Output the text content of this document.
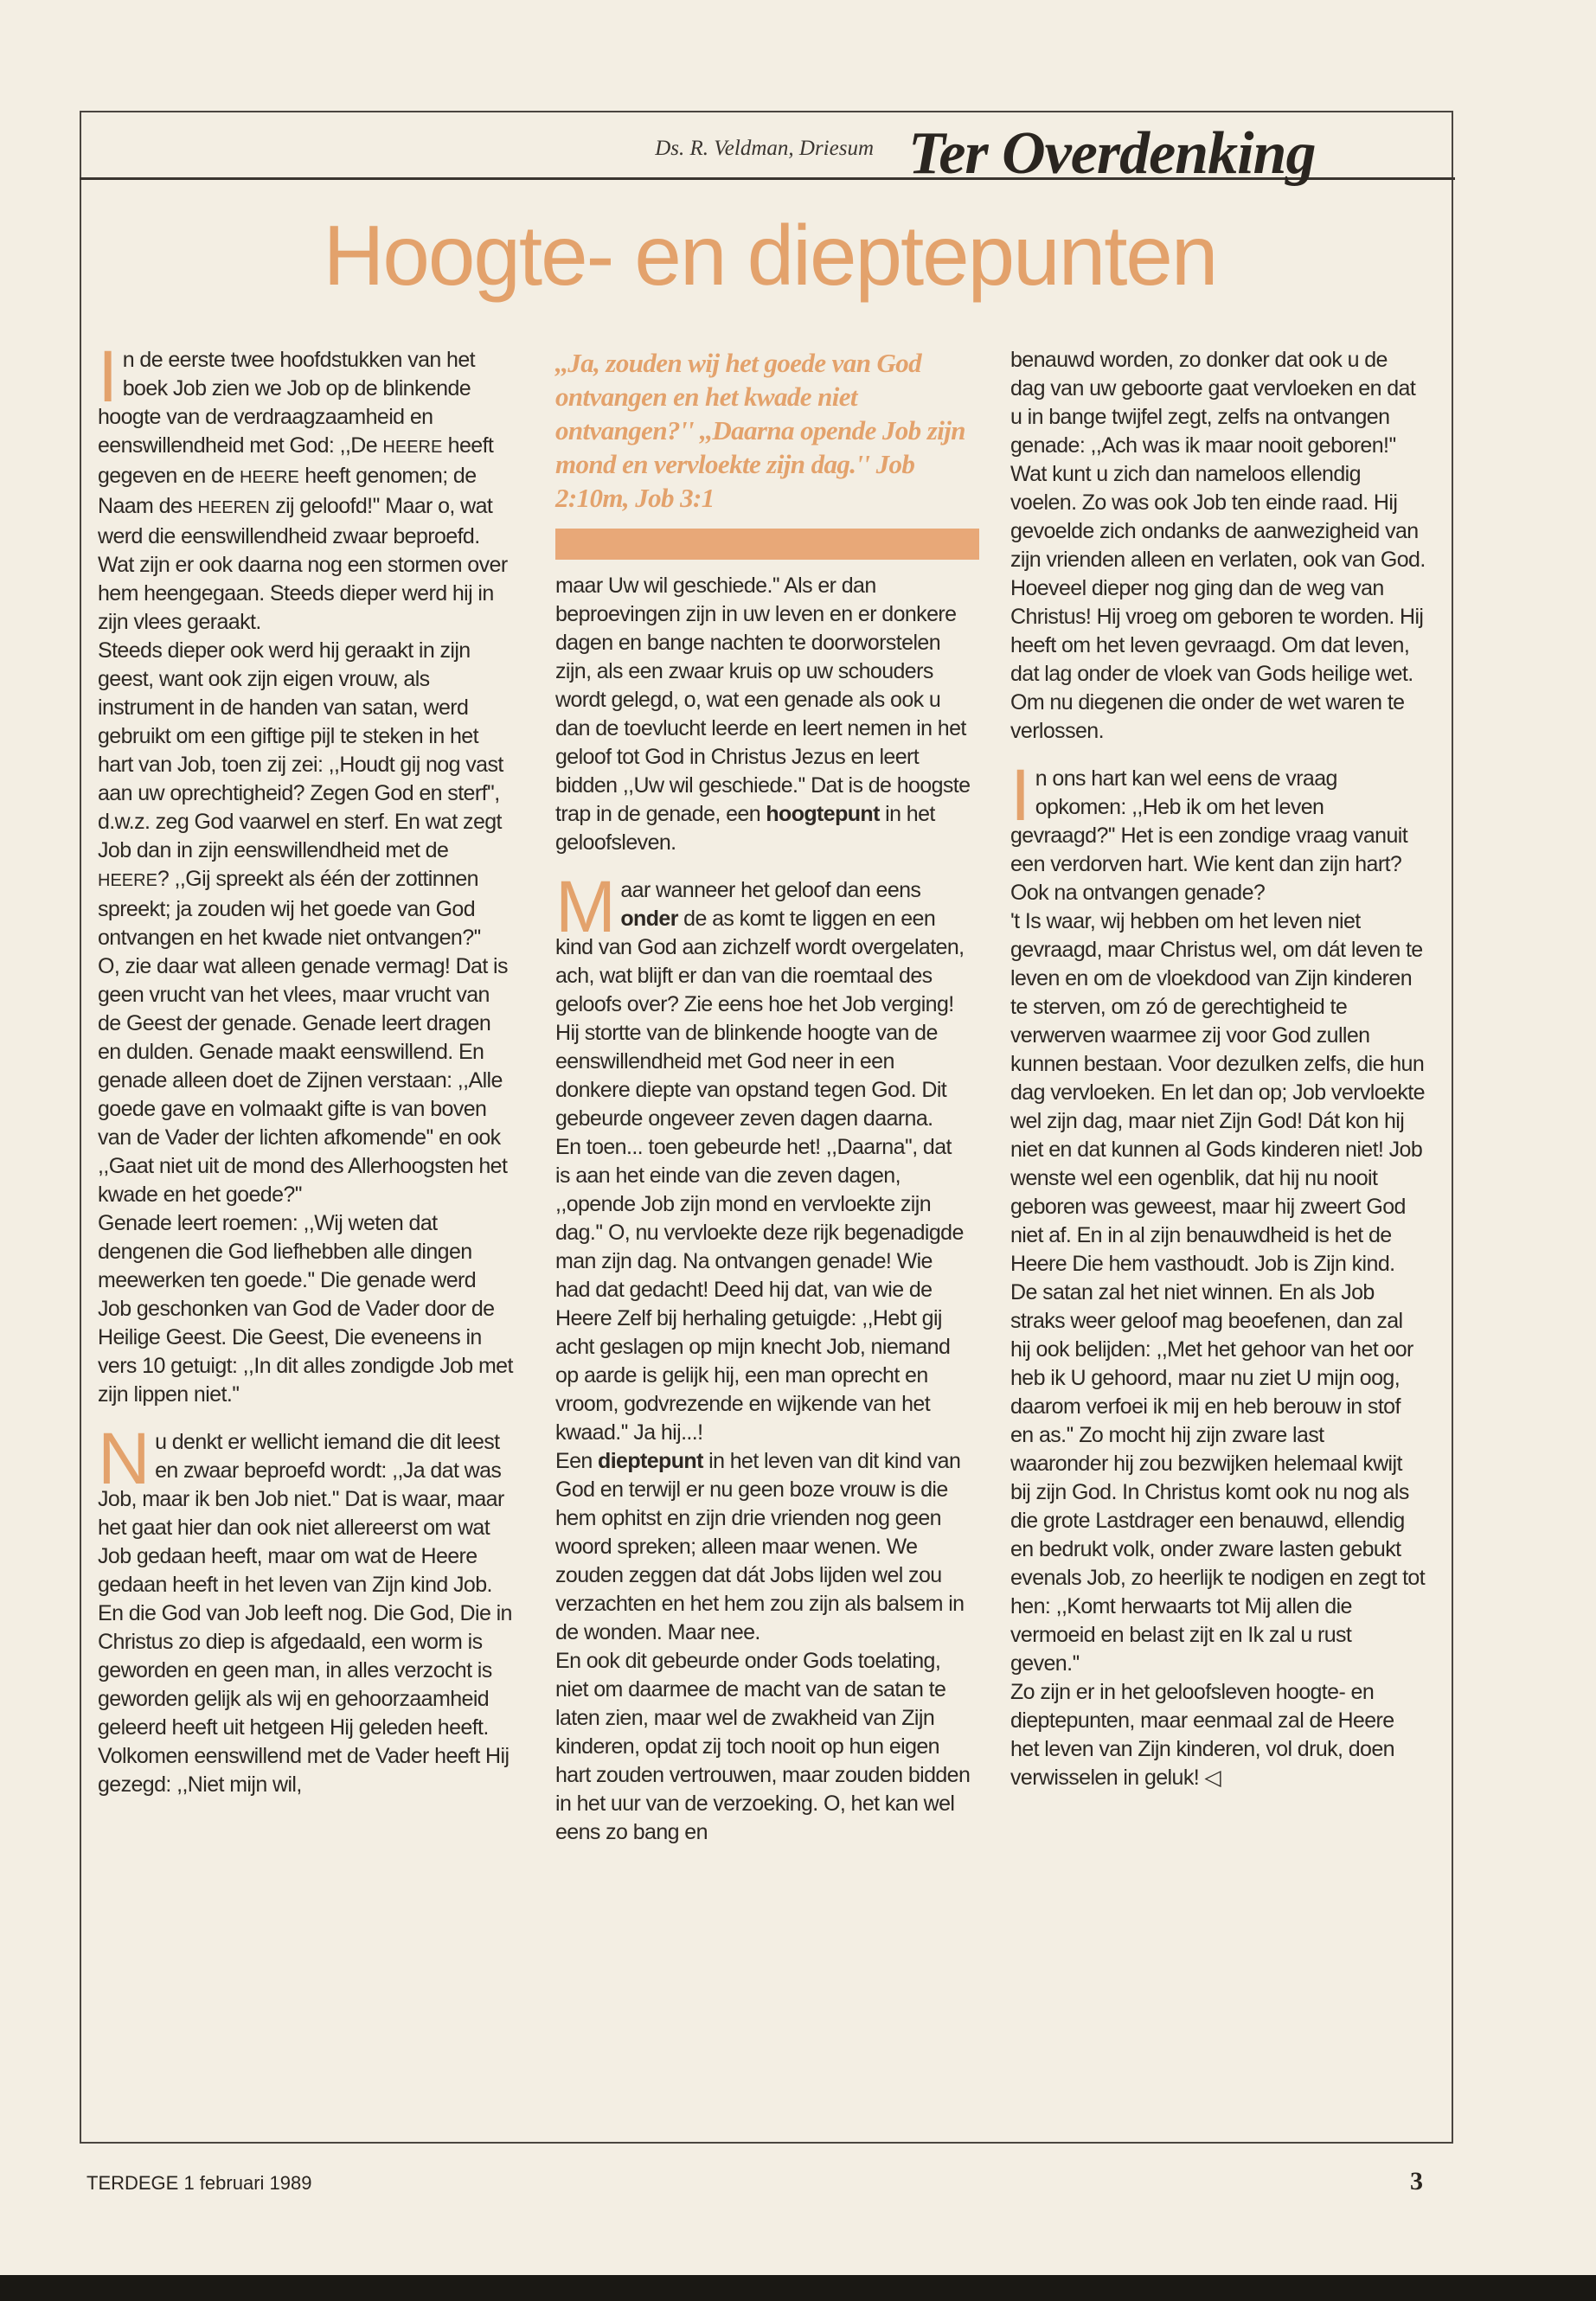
Ds. R. Veldman, Driesum Ter Overdenking
Hoogte- en dieptepunten

In de eerste twee hoofdstukken van het boek Job zien we Job op de blinkende hoogte van de verdraagzaamheid en eenswillendheid met God: ,,De HEERE heeft gegeven en de HEERE heeft genomen; de Naam des HEEREN zij geloofd!'' Maar o, wat werd die eenswillendheid zwaar beproefd. Wat zijn er ook daarna nog een stormen over hem heengegaan. Steeds dieper werd hij in zijn vlees geraakt.

Steeds dieper ook werd hij geraakt in zijn geest, want ook zijn eigen vrouw, als instrument in de handen van satan, werd gebruikt om een giftige pijl te steken in het hart van Job, toen zij zei: ,,Houdt gij nog vast aan uw oprechtigheid? Zegen God en sterf'', d.w.z. zeg God vaarwel en sterf. En wat zegt Job dan in zijn eenswillendheid met de HEERE? ,,Gij spreekt als één der zottinnen spreekt; ja zouden wij het goede van God ontvangen en het kwade niet ontvangen?''

O, zie daar wat alleen genade vermag! Dat is geen vrucht van het vlees, maar vrucht van de Geest der genade. Genade leert dragen en dulden. Genade maakt eenswillend. En genade alleen doet de Zijnen verstaan: ,,Alle goede gave en volmaakt gifte is van boven van de Vader der lichten afkomende'' en ook ,,Gaat niet uit de mond des Allerhoogsten het kwade en het goede?''

Genade leert roemen: ,,Wij weten dat dengenen die God liefhebben alle dingen meewerken ten goede.'' Die genade werd Job geschonken van God de Vader door de Heilige Geest. Die Geest, Die eveneens in vers 10 getuigt: ,,In dit alles zondigde Job met zijn lippen niet.''

Nu denkt er wellicht iemand die dit leest en zwaar beproefd wordt: ,,Ja dat was Job, maar ik ben Job niet.'' Dat is waar, maar het gaat hier dan ook niet allereerst om wat Job gedaan heeft, maar om wat de Heere gedaan heeft in het leven van Zijn kind Job. En die God van Job leeft nog. Die God, Die in Christus zo diep is afgedaald, een worm is geworden en geen man, in alles verzocht is geworden gelijk als wij en gehoorzaamheid geleerd heeft uit hetgeen Hij geleden heeft. Volkomen eenswillend met de Vader heeft Hij gezegd: ,,Niet mijn wil,

,,Ja, zouden wij het goede van God ontvangen en het kwade niet ontvangen?'' ,,Daarna opende Job zijn mond en vervloekte zijn dag.'' Job 2:10m, Job 3:1

maar Uw wil geschiede.'' Als er dan beproevingen zijn in uw leven en er donkere dagen en bange nachten te doorworstelen zijn, als een zwaar kruis op uw schouders wordt gelegd, o, wat een genade als ook u dan de toevlucht leerde en leert nemen in het geloof tot God in Christus Jezus en leert bidden ,,Uw wil geschiede.'' Dat is de hoogste trap in de genade, een hoogtepunt in het geloofsleven.

Maar wanneer het geloof dan eens onder de as komt te liggen en een kind van God aan zichzelf wordt overgelaten, ach, wat blijft er dan van die roemtaal des geloofs over? Zie eens hoe het Job verging! Hij stortte van de blinkende hoogte van de eenswillendheid met God neer in een donkere diepte van opstand tegen God. Dit gebeurde ongeveer zeven dagen daarna.

En toen... toen gebeurde het! ,,Daarna'', dat is aan het einde van die zeven dagen, ,,opende Job zijn mond en vervloekte zijn dag.'' O, nu vervloekte deze rijk begenadigde man zijn dag. Na ontvangen genade! Wie had dat gedacht! Deed hij dat, van wie de Heere Zelf bij herhaling getuigde: ,,Hebt gij acht geslagen op mijn knecht Job, niemand op aarde is gelijk hij, een man oprecht en vroom, godvrezende en wijkende van het kwaad.'' Ja hij...!

Een dieptepunt in het leven van dit kind van God en terwijl er nu geen boze vrouw is die hem ophitst en zijn drie vrienden nog geen woord spreken; alleen maar wenen. We zouden zeggen dat dát Jobs lijden wel zou verzachten en het hem zou zijn als balsem in de wonden. Maar nee.

En ook dit gebeurde onder Gods toelating, niet om daarmee de macht van de satan te laten zien, maar wel de zwakheid van Zijn kinderen, opdat zij toch nooit op hun eigen hart zouden vertrouwen, maar zouden bidden in het uur van de verzoeking. O, het kan wel eens zo bang en

benauwd worden, zo donker dat ook u de dag van uw geboorte gaat vervloeken en dat u in bange twijfel zegt, zelfs na ontvangen genade: ,,Ach was ik maar nooit geboren!'' Wat kunt u zich dan nameloos ellendig voelen. Zo was ook Job ten einde raad. Hij gevoelde zich ondanks de aanwezigheid van zijn vrienden alleen en verlaten, ook van God. Hoeveel dieper nog ging dan de weg van Christus! Hij vroeg om geboren te worden. Hij heeft om het leven gevraagd. Om dat leven, dat lag onder de vloek van Gods heilige wet. Om nu diegenen die onder de wet waren te verlossen.

In ons hart kan wel eens de vraag opkomen: ,,Heb ik om het leven gevraagd?'' Het is een zondige vraag vanuit een verdorven hart. Wie kent dan zijn hart? Ook na ontvangen genade?

't Is waar, wij hebben om het leven niet gevraagd, maar Christus wel, om dát leven te leven en om de vloekdood van Zijn kinderen te sterven, om zó de gerechtigheid te verwerven waarmee zij voor God zullen kunnen bestaan. Voor dezulken zelfs, die hun dag vervloeken. En let dan op; Job vervloekte wel zijn dag, maar niet Zijn God! Dát kon hij niet en dat kunnen al Gods kinderen niet! Job wenste wel een ogenblik, dat hij nu nooit geboren was geweest, maar hij zweert God niet af. En in al zijn benauwdheid is het de Heere Die hem vasthoudt. Job is Zijn kind. De satan zal het niet winnen. En als Job straks weer geloof mag beoefenen, dan zal hij ook belijden: ,,Met het gehoor van het oor heb ik U gehoord, maar nu ziet U mijn oog, daarom verfoei ik mij en heb berouw in stof en as.'' Zo mocht hij zijn zware last waaronder hij zou bezwijken helemaal kwijt bij zijn God. In Christus komt ook nu nog als die grote Lastdrager een benauwd, ellendig en bedrukt volk, onder zware lasten gebukt evenals Job, zo heerlijk te nodigen en zegt tot hen: ,,Komt herwaarts tot Mij allen die vermoeid en belast zijt en Ik zal u rust geven.''

Zo zijn er in het geloofsleven hoogte- en dieptepunten, maar eenmaal zal de Heere het leven van Zijn kinderen, vol druk, doen verwisselen in geluk! ◁

TERDEGE 1 februari 1989	3
